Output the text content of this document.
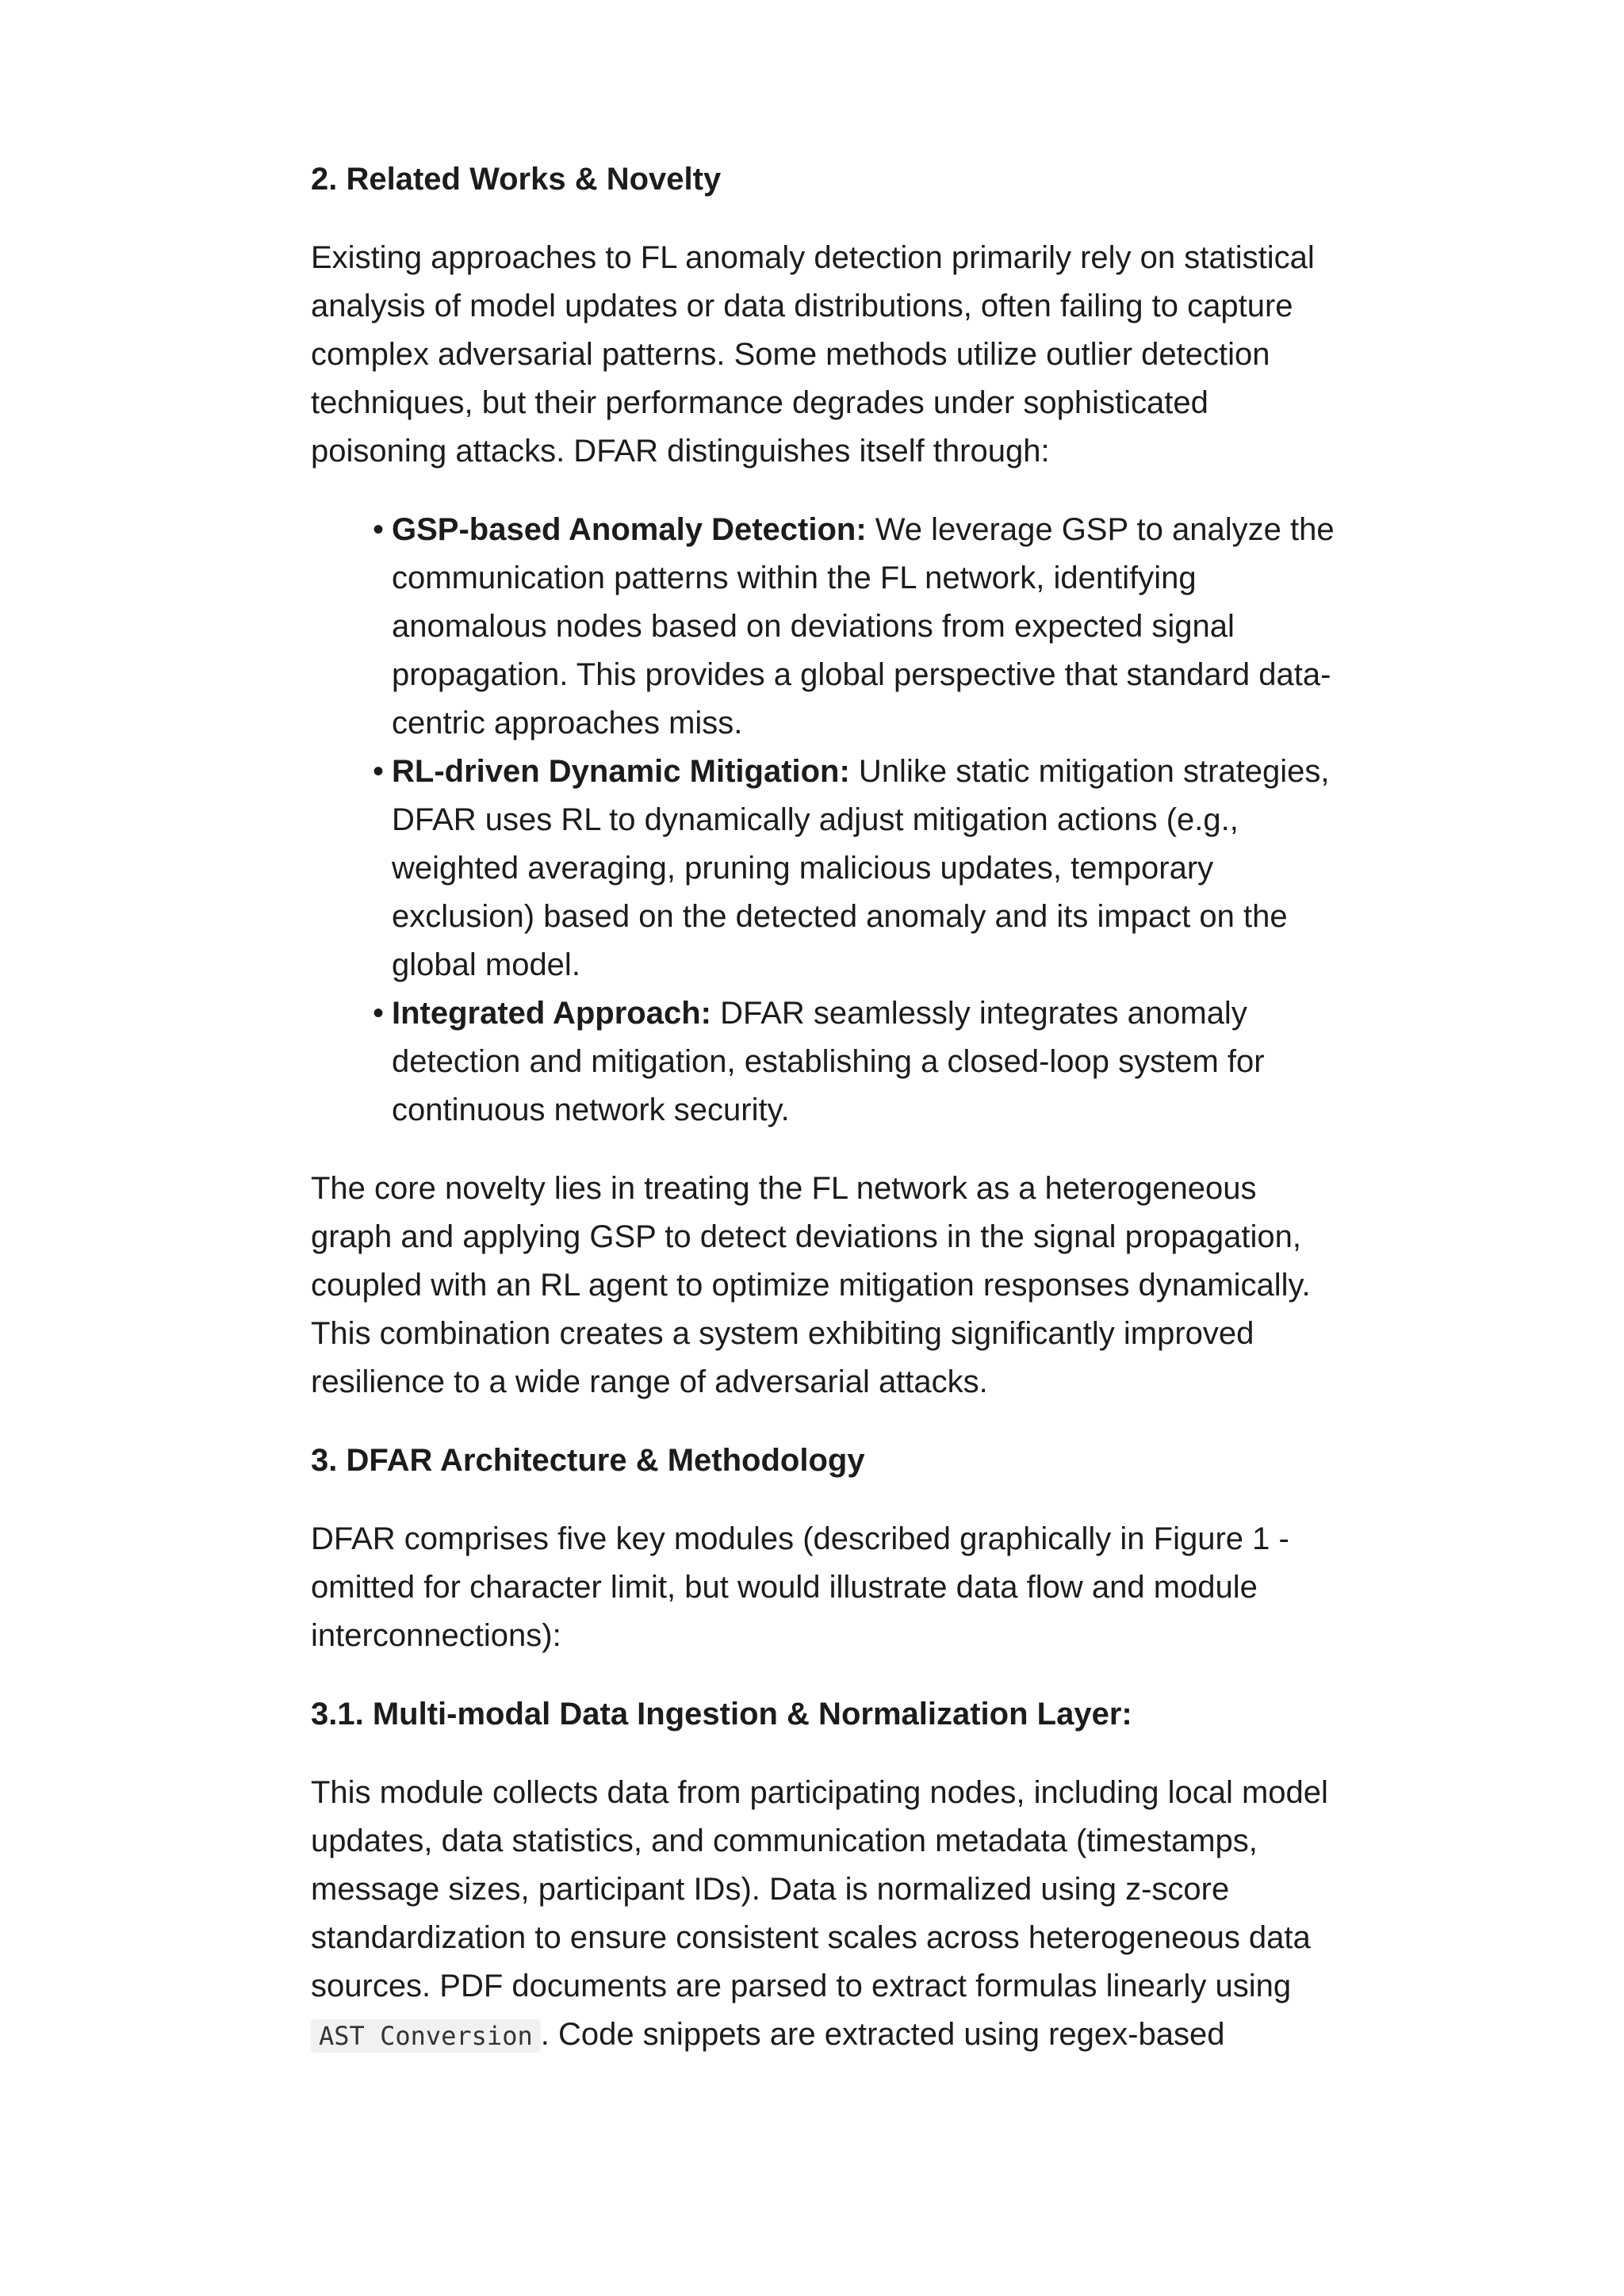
2. Related Works & Novelty

Existing approaches to FL anomaly detection primarily rely on statistical analysis of model updates or data distributions, often failing to capture complex adversarial patterns. Some methods utilize outlier detection techniques, but their performance degrades under sophisticated poisoning attacks. DFAR distinguishes itself through:

• GSP-based Anomaly Detection: We leverage GSP to analyze the communication patterns within the FL network, identifying anomalous nodes based on deviations from expected signal propagation. This provides a global perspective that standard data-centric approaches miss.
• RL-driven Dynamic Mitigation: Unlike static mitigation strategies, DFAR uses RL to dynamically adjust mitigation actions (e.g., weighted averaging, pruning malicious updates, temporary exclusion) based on the detected anomaly and its impact on the global model.
• Integrated Approach: DFAR seamlessly integrates anomaly detection and mitigation, establishing a closed-loop system for continuous network security.

The core novelty lies in treating the FL network as a heterogeneous graph and applying GSP to detect deviations in the signal propagation, coupled with an RL agent to optimize mitigation responses dynamically. This combination creates a system exhibiting significantly improved resilience to a wide range of adversarial attacks.

3. DFAR Architecture & Methodology

DFAR comprises five key modules (described graphically in Figure 1 - omitted for character limit, but would illustrate data flow and module interconnections):

3.1. Multi-modal Data Ingestion & Normalization Layer:

This module collects data from participating nodes, including local model updates, data statistics, and communication metadata (timestamps, message sizes, participant IDs). Data is normalized using z-score standardization to ensure consistent scales across heterogeneous data sources. PDF documents are parsed to extract formulas linearly using AST Conversion . Code snippets are extracted using regex-based
